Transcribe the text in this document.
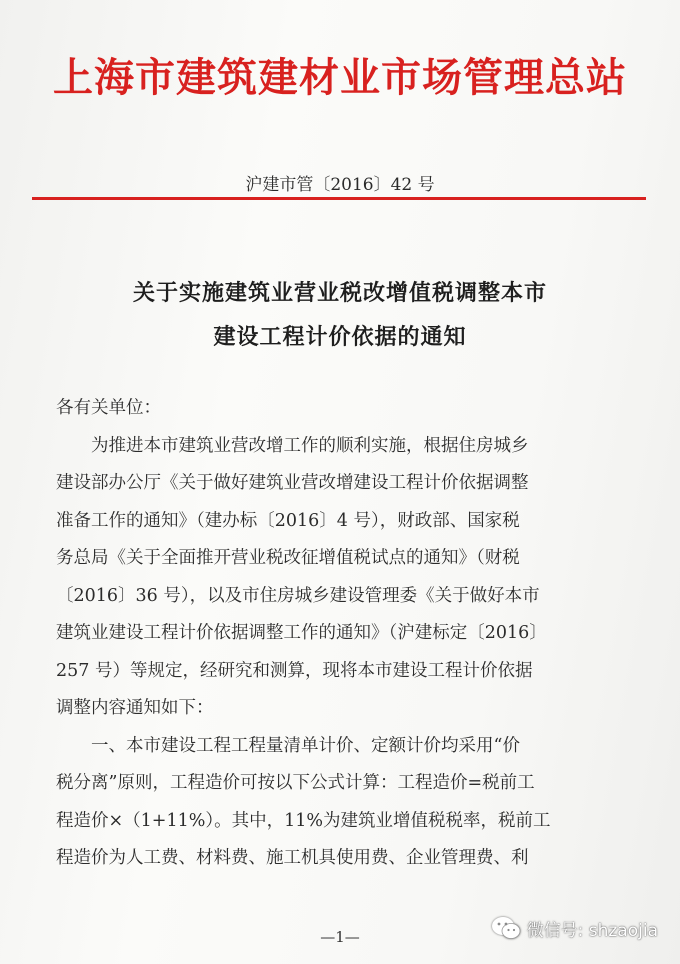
上海市建筑建材业市场管理总站
沪建市管〔2016〕42 号
关于实施建筑业营业税改增值税调整本市
建设工程计价依据的通知
各有关单位：
　　为推进本市建筑业营改增工作的顺利实施，根据住房城乡
建设部办公厅《关于做好建筑业营改增建设工程计价依据调整
准备工作的通知》（建办标〔2016〕4 号），财政部、国家税
务总局《关于全面推开营业税改征增值税试点的通知》（财税
〔2016〕36 号），以及市住房城乡建设管理委《关于做好本市
建筑业建设工程计价依据调整工作的通知》（沪建标定〔2016〕
257 号）等规定，经研究和测算，现将本市建设工程计价依据
调整内容通知如下：
　　一、本市建设工程工程量清单计价、定额计价均采用“价
税分离”原则，工程造价可按以下公式计算：工程造价=税前工
程造价×（1+11%）。其中，11%为建筑业增值税税率，税前工
程造价为人工费、材料费、施工机具使用费、企业管理费、利
—1—	微信号: shzaojia
